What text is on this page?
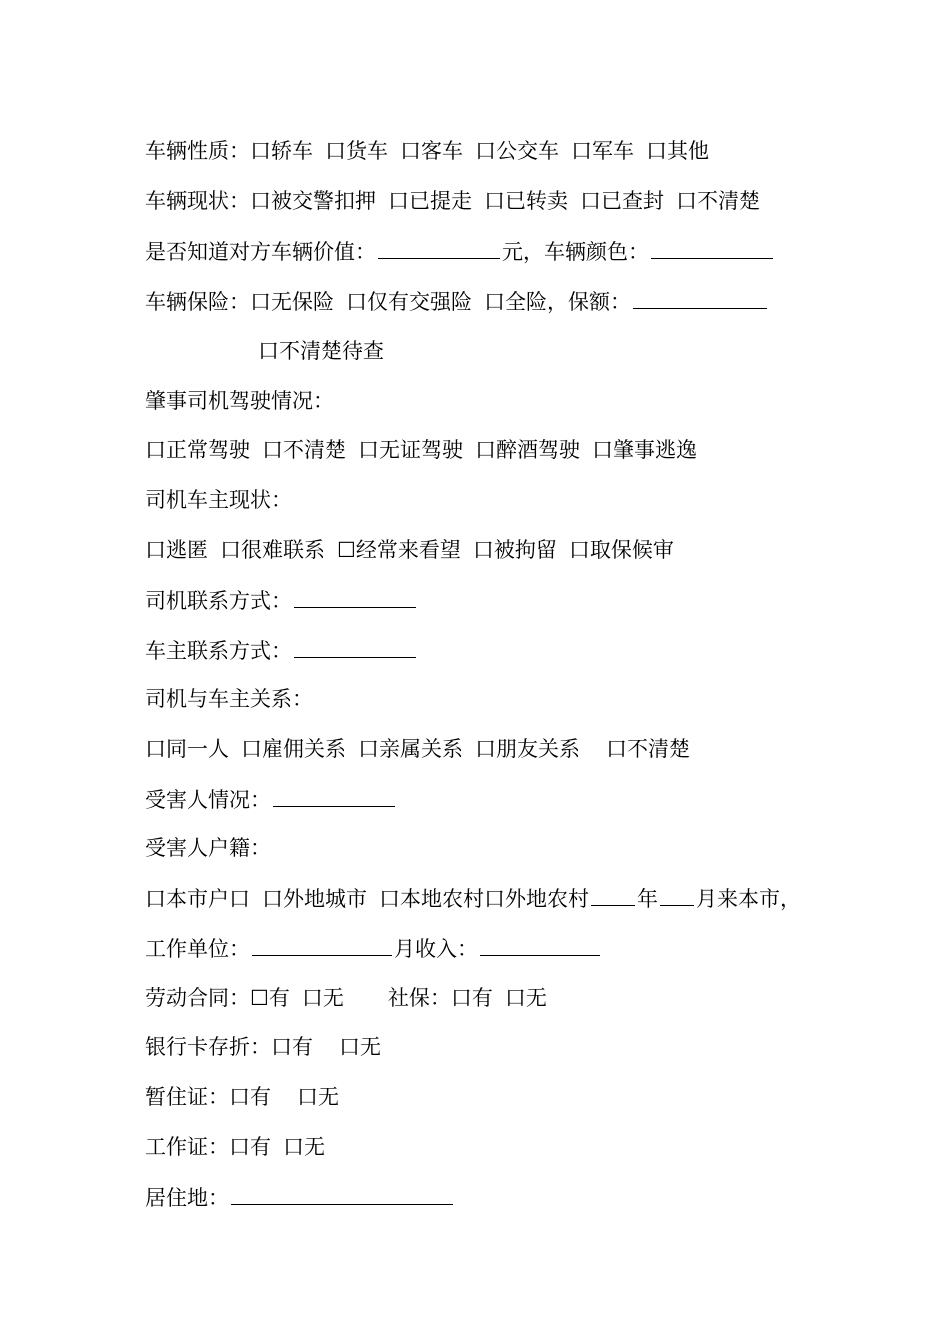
车辆性质：口轿车 口货车 口客车 口公交车 口军车 口其他
车辆现状：口被交警扣押 口已提走 口已转卖 口已查封 口不清楚
是否知道对方车辆价值：	元，车辆颜色：
车辆保险：口无保险 口仅有交强险 口全险，保额：
口不清楚待查
肇事司机驾驶情况：
口正常驾驶 口不清楚 口无证驾驶 口醉酒驾驶 口肇事逃逸
司机车主现状：
口逃匿 口很难联系 ☐经常来看望 口被拘留 口取保候审
司机联系方式：
车主联系方式：
司机与车主关系：
口同一人 口雇佣关系 口亲属关系 口朋友关系 口不清楚
受害人情况：
受害人户籍：
口本市户口 口外地城市 口本地农村口外地农村 年 月来本市，
工作单位：	月收入：
劳动合同：☐有 口无 社保：口有 口无
银行卡存折：口有 口无
暂住证：口有 口无
工作证：口有 口无
居住地：
